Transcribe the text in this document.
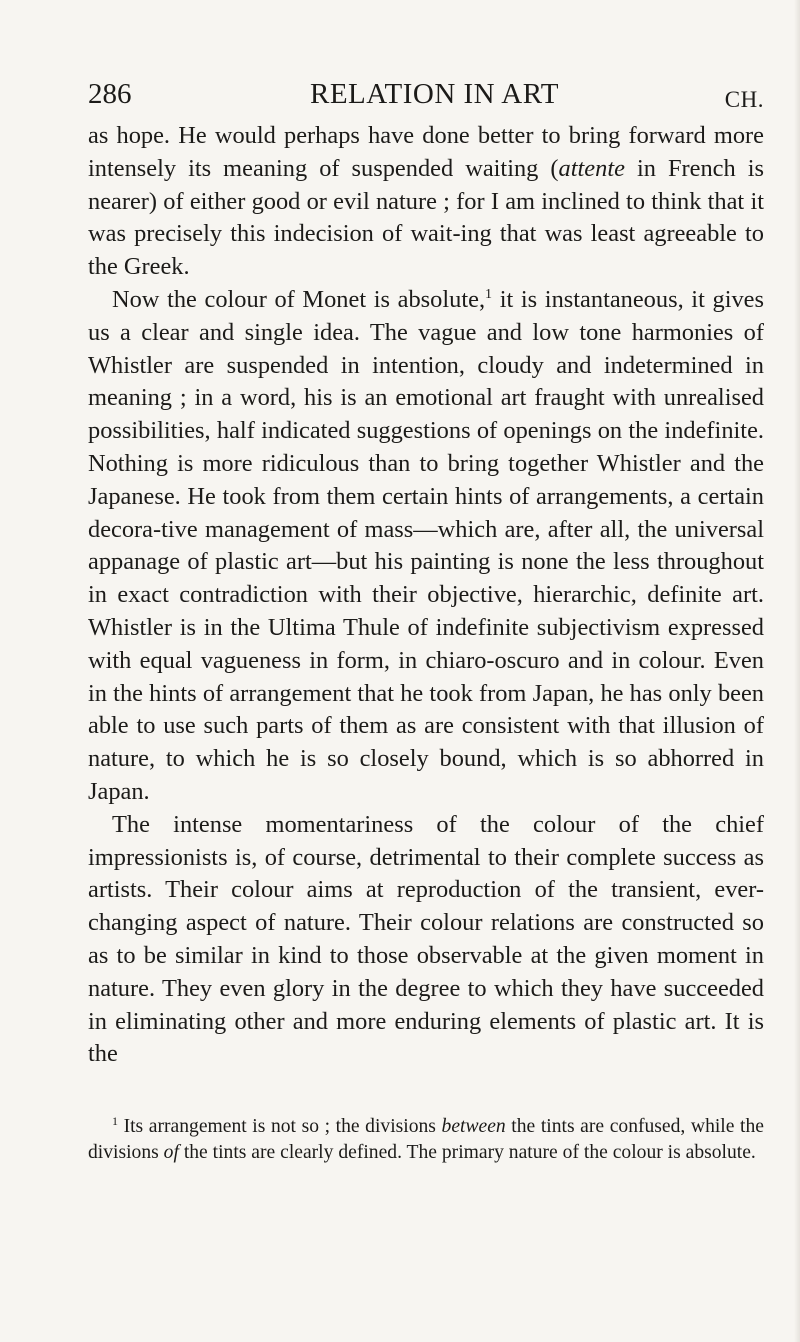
286	RELATION IN ART	CH.

as hope. He would perhaps have done better to bring forward more intensely its meaning of suspended waiting (attente in French is nearer) of either good or evil nature ; for I am inclined to think that it was precisely this indecision of wait-ing that was least agreeable to the Greek.

Now the colour of Monet is absolute,$^1$ it is instantaneous, it gives us a clear and single idea. The vague and low tone harmonies of Whistler are suspended in intention, cloudy and indetermined in meaning ; in a word, his is an emotional art fraught with unrealised possibilities, half indicated suggestions of openings on the indefinite. Nothing is more ridiculous than to bring together Whistler and the Japanese. He took from them certain hints of arrangements, a certain decora-tive management of mass—which are, after all, the universal appanage of plastic art—but his painting is none the less throughout in exact contradiction with their objective, hierarchic, definite art. Whistler is in the Ultima Thule of indefinite subjectivism expressed with equal vagueness in form, in chiaro-oscuro and in colour. Even in the hints of arrangement that he took from Japan, he has only been able to use such parts of them as are consistent with that illusion of nature, to which he is so closely bound, which is so abhorred in Japan.

The intense momentariness of the colour of the chief impressionists is, of course, detrimental to their complete success as artists. Their colour aims at reproduction of the transient, ever-changing aspect of nature. Their colour relations are constructed so as to be similar in kind to those observable at the given moment in nature. They even glory in the degree to which they have succeeded in eliminating other and more enduring elements of plastic art. It is the

$^1$ Its arrangement is not so ; the divisions between the tints are confused, while the divisions of the tints are clearly defined. The primary nature of the colour is absolute.
